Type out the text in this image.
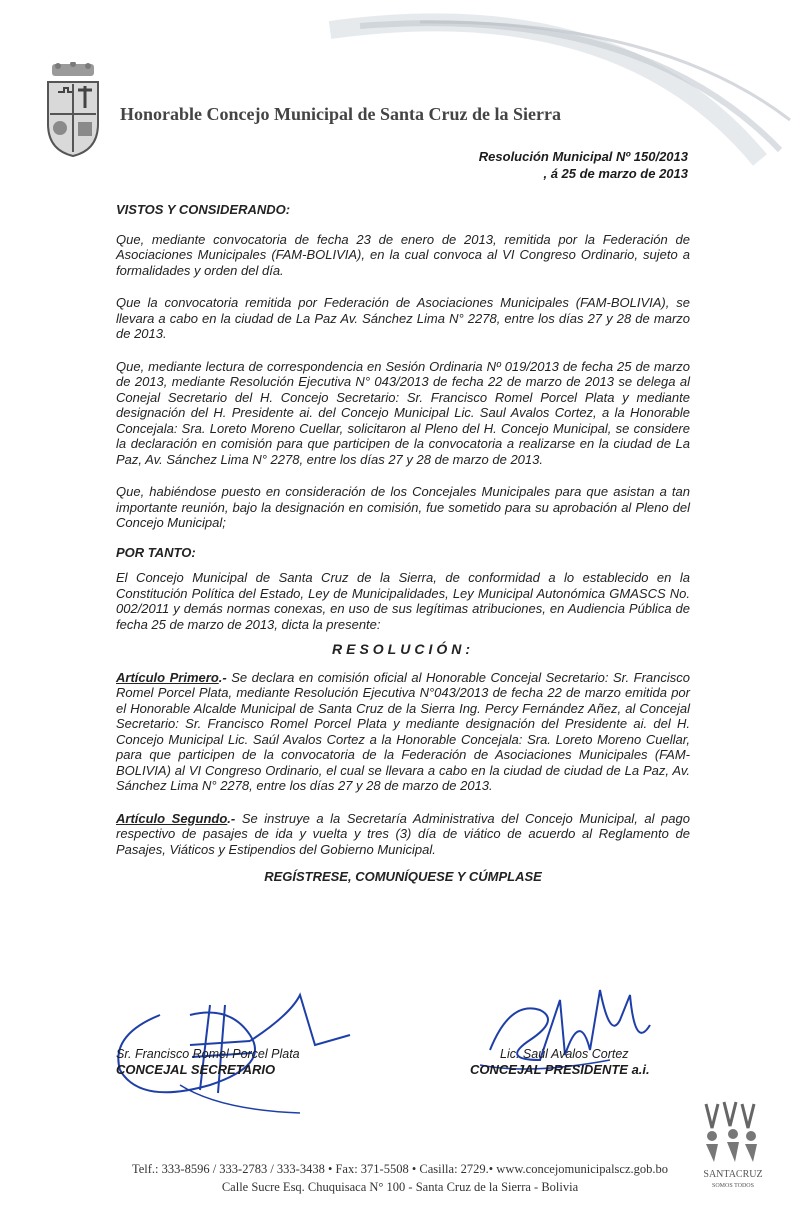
Honorable Concejo Municipal de Santa Cruz de la Sierra
Resolución Municipal Nº 150/2013
, á 25 de marzo de 2013
VISTOS Y CONSIDERANDO:

Que, mediante convocatoria de fecha 23 de enero de 2013, remitida por la Federación de Asociaciones Municipales (FAM-BOLIVIA), en la cual convoca al VI Congreso Ordinario, sujeto a formalidades y orden del día.

Que la convocatoria remitida por Federación de Asociaciones Municipales (FAM-BOLIVIA), se llevara a cabo en la ciudad de La Paz Av. Sánchez Lima N° 2278, entre los días 27 y 28 de marzo de 2013.

Que, mediante lectura de correspondencia en Sesión Ordinaria Nº 019/2013 de fecha 25 de marzo de 2013, mediante Resolución Ejecutiva N° 043/2013 de fecha 22 de marzo de 2013 se delega al Conejal Secretario del H. Concejo Secretario: Sr. Francisco Romel Porcel Plata y mediante designación del H. Presidente ai. del Concejo Municipal Lic. Saul Avalos Cortez, a la Honorable Concejala: Sra. Loreto Moreno Cuellar, solicitaron al Pleno del H. Concejo Municipal, se considere la declaración en comisión para que participen de la convocatoria a realizarse en la ciudad de La Paz, Av. Sánchez Lima N° 2278, entre los días 27 y 28 de marzo de 2013.

Que, habiéndose puesto en consideración de los Concejales Municipales para que asistan a tan importante reunión, bajo la designación en comisión, fue sometido para su aprobación al Pleno del Concejo Municipal;

POR TANTO:

El Concejo Municipal de Santa Cruz de la Sierra, de conformidad a lo establecido en la Constitución Política del Estado, Ley de Municipalidades, Ley Municipal Autonómica GMASCS No. 002/2011 y demás normas conexas, en uso de sus legítimas atribuciones, en Audiencia Pública de fecha 25 de marzo de 2013, dicta la presente:

RESOLUCIÓN:

Artículo Primero.- Se declara en comisión oficial al Honorable Concejal Secretario: Sr. Francisco Romel Porcel Plata, mediante Resolución Ejecutiva N°043/2013 de fecha 22 de marzo emitida por el Honorable Alcalde Municipal de Santa Cruz de la Sierra Ing. Percy Fernández Añez, al Concejal Secretario: Sr. Francisco Romel Porcel Plata y mediante designación del Presidente ai. del H. Concejo Municipal Lic. Saúl Avalos Cortez a la Honorable Concejala: Sra. Loreto Moreno Cuellar, para que participen de la convocatoria de la Federación de Asociaciones Municipales (FAM-BOLIVIA) al VI Congreso Ordinario, el cual se llevara a cabo en la ciudad de ciudad de La Paz, Av. Sánchez Lima N° 2278, entre los días 27 y 28 de marzo de 2013.

Artículo Segundo.- Se instruye a la Secretaría Administrativa del Concejo Municipal, al pago respectivo de pasajes de ida y vuelta y tres (3) día de viático de acuerdo al Reglamento de Pasajes, Viáticos y Estipendios del Gobierno Municipal.

REGÍSTRESE, COMUNÍQUESE Y CÚMPLASE
Sr. Francisco Romel Porcel Plata
CONCEJAL SECRETARIO
Lic. Saúl Avalos Cortez
CONCEJAL PRESIDENTE a.i.
SANTACRUZ
SOMOS TODOS
Telf.: 333-8596 / 333-2783 / 333-3438 • Fax: 371-5508 • Casilla: 2729.• www.concejomunicipalscz.gob.bo
Calle Sucre Esq. Chuquisaca N° 100 - Santa Cruz de la Sierra - Bolivia
